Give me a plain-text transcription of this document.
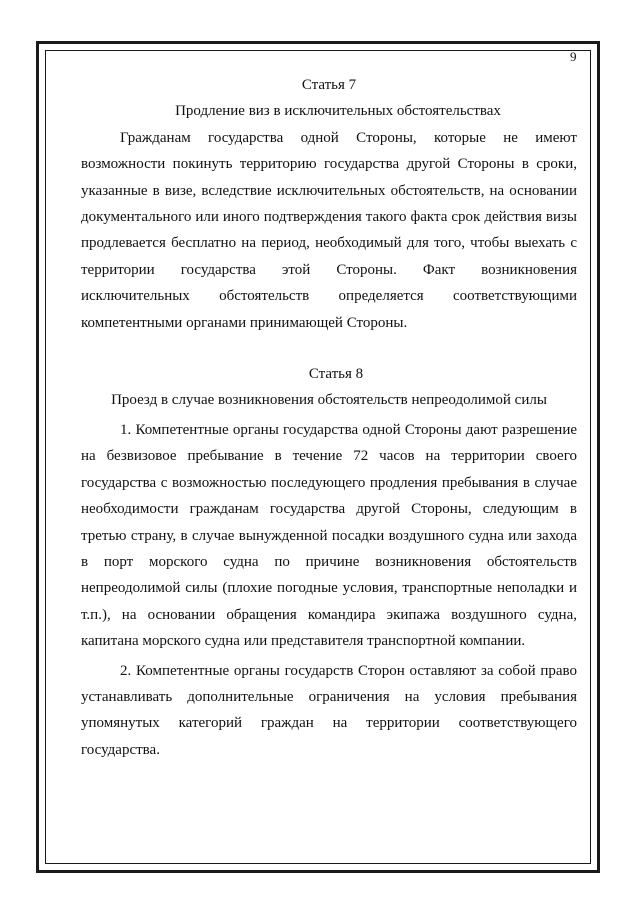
9
Статья 7
Продление виз в исключительных обстоятельствах

Гражданам государства одной Стороны, которые не имеют возможности покинуть территорию государства другой Стороны в сроки, указанные в визе, вследствие исключительных обстоятельств, на основании документального или иного подтверждения такого факта срок действия визы продлевается бесплатно на период, необходимый для того, чтобы выехать с территории государства этой Стороны. Факт возникновения исключительных обстоятельств определяется соответствующими компетентными органами принимающей Стороны.

Статья 8
Проезд в случае возникновения обстоятельств непреодолимой силы

1. Компетентные органы государства одной Стороны дают разрешение на безвизовое пребывание в течение 72 часов на территории своего государства с возможностью последующего продления пребывания в случае необходимости гражданам государства другой Стороны, следующим в третью страну, в случае вынужденной посадки воздушного судна или захода в порт морского судна по причине возникновения обстоятельств непреодолимой силы (плохие погодные условия, транспортные неполадки и т.п.), на основании обращения командира экипажа воздушного судна, капитана морского судна или представителя транспортной компании.

2. Компетентные органы государств Сторон оставляют за собой право устанавливать дополнительные ограничения на условия пребывания упомянутых категорий граждан на территории соответствующего государства.
